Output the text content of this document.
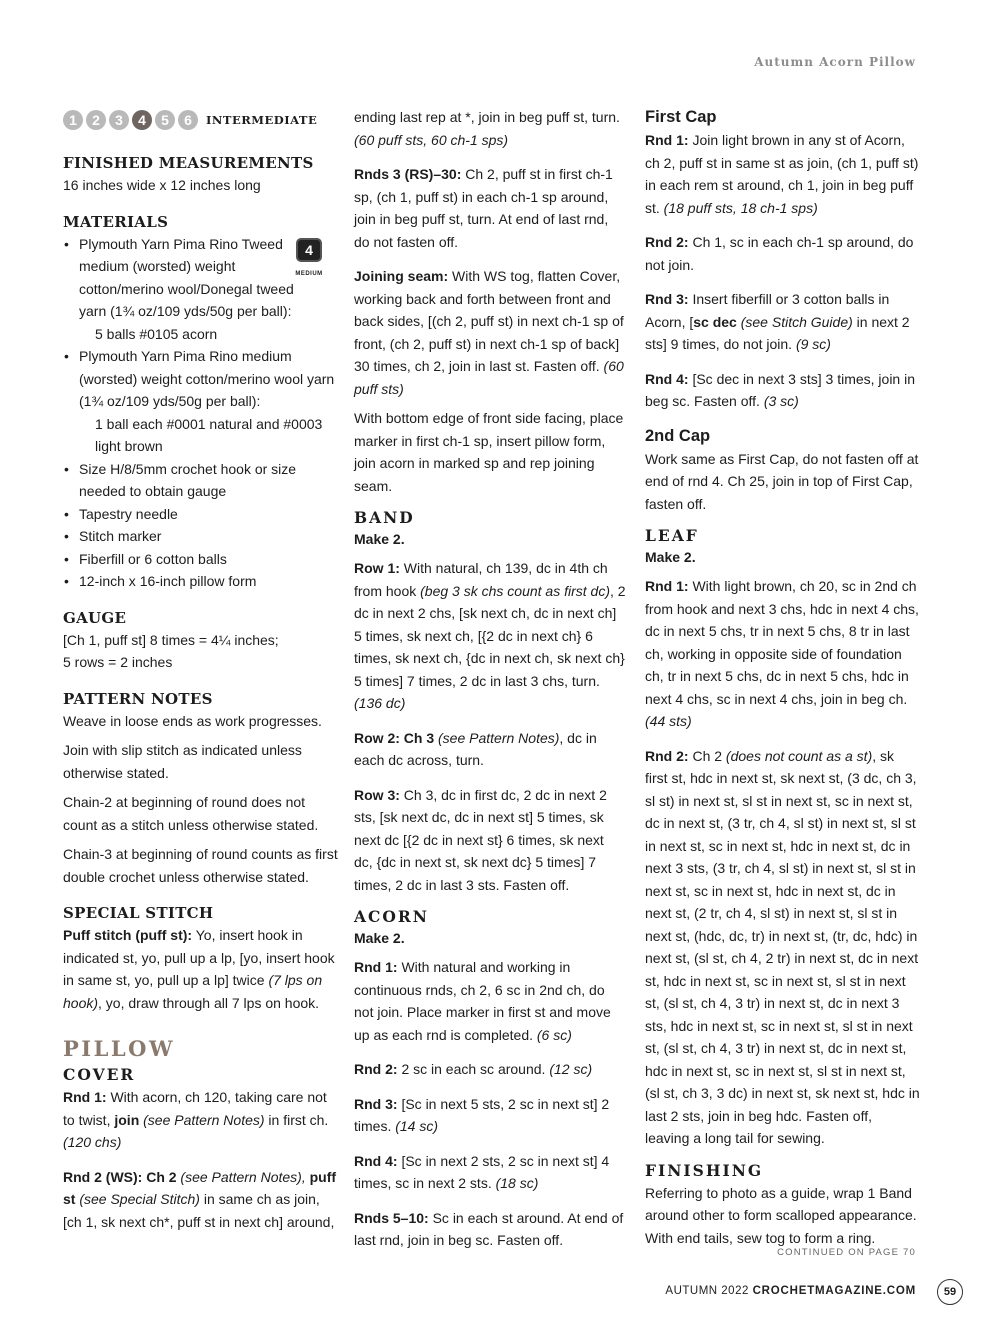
Autumn Acorn Pillow
1	2	3	4	5	6	INTERMEDIATE
FINISHED MEASUREMENTS

16 inches wide x 12 inches long

MATERIALS
4
MEDIUM
• Plymouth Yarn Pima Rino Tweed medium (worsted) weight cotton/merino wool/Donegal tweed yarn (1¾ oz/109 yds/50g per ball):
5 balls #0105 acorn
• Plymouth Yarn Pima Rino medium (worsted) weight cotton/merino wool yarn (1¾ oz/109 yds/50g per ball):
1 ball each #0001 natural and #0003 light brown
• Size H/8/5mm crochet hook or size needed to obtain gauge
• Tapestry needle
• Stitch marker
• Fiberfill or 6 cotton balls
• 12-inch x 16-inch pillow form
GAUGE
[Ch 1, puff st] 8 times = 4¼ inches;

5 rows = 2 inches

PATTERN NOTES

Weave in loose ends as work progresses.

Join with slip stitch as indicated unless otherwise stated.

Chain-2 at beginning of round does not count as a stitch unless otherwise stated.

Chain-3 at beginning of round counts as first double crochet unless otherwise stated.

SPECIAL STITCH

Puff stitch (puff st): Yo, insert hook in indicated st, yo, pull up a lp, [yo, insert hook in same st, yo, pull up a lp] twice (7 lps on hook), yo, draw through all 7 lps on hook.

PILLOW
COVER

Rnd 1: With acorn, ch 120, taking care not to twist, join (see Pattern Notes) in first ch. (120 chs)

Rnd 2 (WS): Ch 2 (see Pattern Notes), puff st (see Special Stitch) in same ch as join, [ch 1, sk next ch*, puff st in next ch] around,

ending last rep at *, join in beg puff st, turn. (60 puff sts, 60 ch-1 sps)

Rnds 3 (RS)–30: Ch 2, puff st in first ch-1 sp, (ch 1, puff st) in each ch-1 sp around, join in beg puff st, turn. At end of last rnd, do not fasten off.

Joining seam: With WS tog, flatten Cover, working back and forth between front and back sides, [(ch 2, puff st) in next ch-1 sp of front, (ch 2, puff st) in next ch-1 sp of back] 30 times, ch 2, join in last st. Fasten off. (60 puff sts)

With bottom edge of front side facing, place marker in first ch-1 sp, insert pillow form, join acorn in marked sp and rep joining seam.

BAND
Make 2.

Row 1: With natural, ch 139, dc in 4th ch from hook (beg 3 sk chs count as first dc), 2 dc in next 2 chs, [sk next ch, dc in next ch] 5 times, sk next ch, [{2 dc in next ch} 6 times, sk next ch, {dc in next ch, sk next ch} 5 times] 7 times, 2 dc in last 3 chs, turn. (136 dc)

Row 2: Ch 3 (see Pattern Notes), dc in each dc across, turn.

Row 3: Ch 3, dc in first dc, 2 dc in next 2 sts, [sk next dc, dc in next st] 5 times, sk next dc [{2 dc in next st} 6 times, sk next dc, {dc in next st, sk next dc} 5 times] 7 times, 2 dc in last 3 sts. Fasten off.

ACORN
Make 2.

Rnd 1: With natural and working in continuous rnds, ch 2, 6 sc in 2nd ch, do not join. Place marker in first st and move up as each rnd is completed. (6 sc)

Rnd 2: 2 sc in each sc around. (12 sc)

Rnd 3: [Sc in next 5 sts, 2 sc in next st] 2 times. (14 sc)

Rnd 4: [Sc in next 2 sts, 2 sc in next st] 4 times, sc in next 2 sts. (18 sc)

Rnds 5–10: Sc in each st around. At end of last rnd, join in beg sc. Fasten off.

First Cap

Rnd 1: Join light brown in any st of Acorn, ch 2, puff st in same st as join, (ch 1, puff st) in each rem st around, ch 1, join in beg puff st. (18 puff sts, 18 ch-1 sps)

Rnd 2: Ch 1, sc in each ch-1 sp around, do not join.

Rnd 3: Insert fiberfill or 3 cotton balls in Acorn, [sc dec (see Stitch Guide) in next 2 sts] 9 times, do not join. (9 sc)

Rnd 4: [Sc dec in next 3 sts] 3 times, join in beg sc. Fasten off. (3 sc)

2nd Cap

Work same as First Cap, do not fasten off at end of rnd 4. Ch 25, join in top of First Cap, fasten off.

LEAF
Make 2.

Rnd 1: With light brown, ch 20, sc in 2nd ch from hook and next 3 chs, hdc in next 4 chs, dc in next 5 chs, tr in next 5 chs, 8 tr in last ch, working in opposite side of foundation ch, tr in next 5 chs, dc in next 5 chs, hdc in next 4 chs, sc in next 4 chs, join in beg ch. (44 sts)

Rnd 2: Ch 2 (does not count as a st), sk first st, hdc in next st, sk next st, (3 dc, ch 3, sl st) in next st, sl st in next st, sc in next st, dc in next st, (3 tr, ch 4, sl st) in next st, sl st in next st, sc in next st, hdc in next st, dc in next 3 sts, (3 tr, ch 4, sl st) in next st, sl st in next st, sc in next st, hdc in next st, dc in next st, (2 tr, ch 4, sl st) in next st, sl st in next st, (hdc, dc, tr) in next st, (tr, dc, hdc) in next st, (sl st, ch 4, 2 tr) in next st, dc in next st, hdc in next st, sc in next st, sl st in next st, (sl st, ch 4, 3 tr) in next st, dc in next 3 sts, hdc in next st, sc in next st, sl st in next st, (sl st, ch 4, 3 tr) in next st, dc in next st, hdc in next st, sc in next st, sl st in next st, (sl st, ch 3, 3 dc) in next st, sk next st, hdc in last 2 sts, join in beg hdc. Fasten off, leaving a long tail for sewing.

FINISHING

Referring to photo as a guide, wrap 1 Band around other to form scalloped appearance. With end tails, sew tog to form a ring.

CONTINUED ON PAGE 70
AUTUMN 2022 CROCHETMAGAZINE.COM	59
